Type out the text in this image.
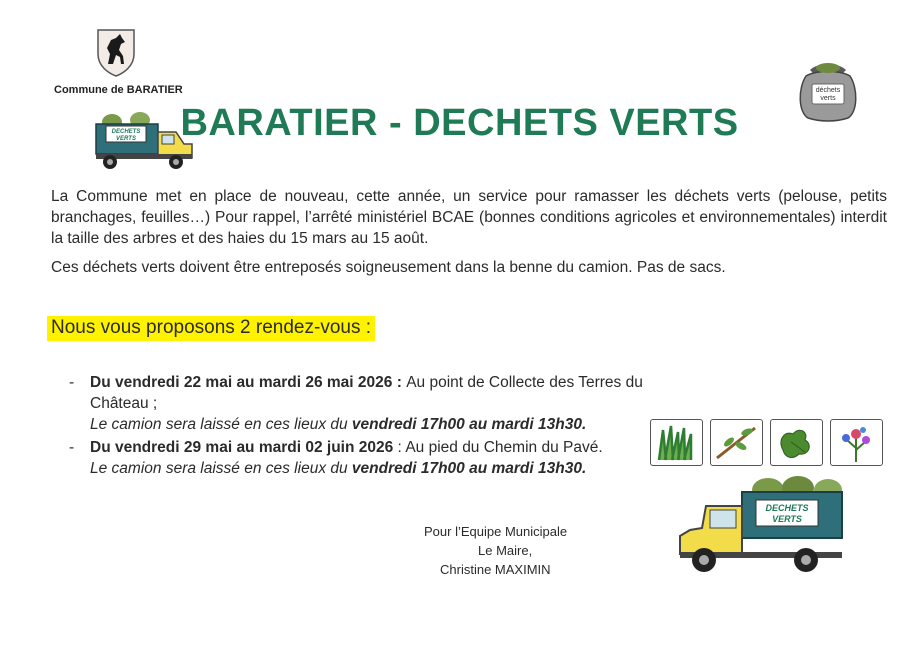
Commune de BARATIER
DECHETS
VERTS	BARATIER - DECHETS VERTS
déchets
verts
La Commune met en place de nouveau, cette année, un service pour ramasser les déchets verts (pelouse, petits branchages, feuilles…) Pour rappel, l’arrêté ministériel BCAE (bonnes conditions agricoles et environnementales) interdit la taille des arbres et des haies du 15 mars au 15 août.
Ces déchets verts doivent être entreposés soigneusement dans la benne du camion. Pas de sacs.
Nous vous proposons 2 rendez-vous :
- Du vendredi 22 mai au mardi 26 mai 2026 : Au point de Collecte des Terres du Château ;
Le camion sera laissé en ces lieux du vendredi 17h00 au mardi 13h30.
- Du vendredi 29 mai au mardi 02 juin 2026 : Au pied du Chemin du Pavé.
Le camion sera laissé en ces lieux du vendredi 17h00 au mardi 13h30.
DECHETS
VERTS
Pour l’Equipe Municipale
Le Maire,
Christine MAXIMIN
